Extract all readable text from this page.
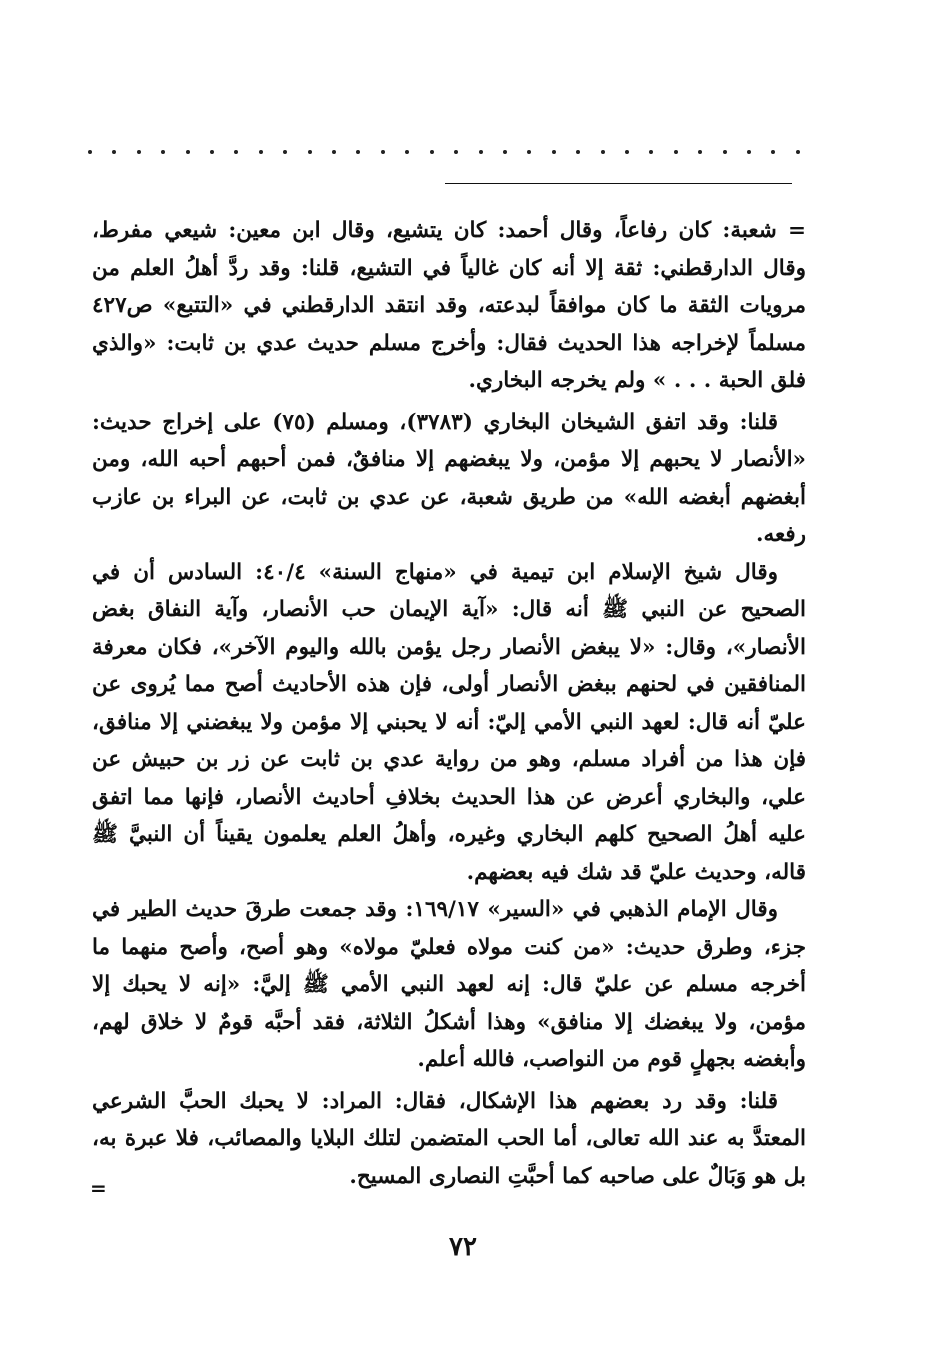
= شعبة: كان رفاعاً، وقال أحمد: كان يتشيع، وقال ابن معين: شيعي مفرط، وقال الدارقطني: ثقة إلا أنه كان غالياً في التشيع، قلنا: وقد ردَّ أهلُ العلم من مرويات الثقة ما كان موافقاً لبدعته، وقد انتقد الدارقطني في «التتبع» ص٤٢٧ مسلماً لإخراجه هذا الحديث فقال: وأخرج مسلم حديث عدي بن ثابت: «والذي فلق الحبة . . . » ولم يخرجه البخاري.

قلنا: وقد اتفق الشيخان البخاري (٣٧٨٣)، ومسلم (٧٥) على إخراج حديث: «الأنصار لا يحبهم إلا مؤمن، ولا يبغضهم إلا منافقٌ، فمن أحبهم أحبه الله، ومن أبغضهم أبغضه الله» من طريق شعبة، عن عدي بن ثابت، عن البراء بن عازب رفعه.

وقال شيخ الإسلام ابن تيمية في «منهاج السنة» ٤٠/٤: السادس أن في الصحيح عن النبي ﷺ أنه قال: «آية الإيمان حب الأنصار، وآية النفاق بغض الأنصار»، وقال: «لا يبغض الأنصار رجل يؤمن بالله واليوم الآخر»، فكان معرفة المنافقين في لحنهم ببغض الأنصار أولى، فإن هذه الأحاديث أصح مما يُروى عن عليّ أنه قال: لعهد النبي الأمي إليّ: أنه لا يحبني إلا مؤمن ولا يبغضني إلا منافق، فإن هذا من أفراد مسلم، وهو من رواية عدي بن ثابت عن زر بن حبيش عن علي، والبخاري أعرض عن هذا الحديث بخلافِ أحاديث الأنصار، فإنها مما اتفق عليه أهلُ الصحيح كلهم البخاري وغيره، وأهلُ العلم يعلمون يقيناً أن النبيَّ ﷺ قاله، وحديث عليّ قد شك فيه بعضهم.

وقال الإمام الذهبي في «السير» ١٦٩/١٧: وقد جمعت طرقَ حديث الطير في جزء، وطرق حديث: «من كنت مولاه فعليّ مولاه» وهو أصح، وأصح منهما ما أخرجه مسلم عن عليّ قال: إنه لعهد النبي الأمي ﷺ إليَّ: «إنه لا يحبك إلا مؤمن، ولا يبغضك إلا منافق» وهذا أشكلُ الثلاثة، فقد أحبَّه قومٌ لا خلاق لهم، وأبغضه بجهلٍ قوم من النواصب، فالله أعلم.

قلنا: وقد رد بعضهم هذا الإشكال، فقال: المراد: لا يحبك الحبَّ الشرعي المعتدَّ به عند الله تعالى، أما الحب المتضمن لتلك البلايا والمصائب، فلا عبرة به، بل هو وَبَالٌ على صاحبه كما أحبَّتِ النصارى المسيح.

=
٧٢
